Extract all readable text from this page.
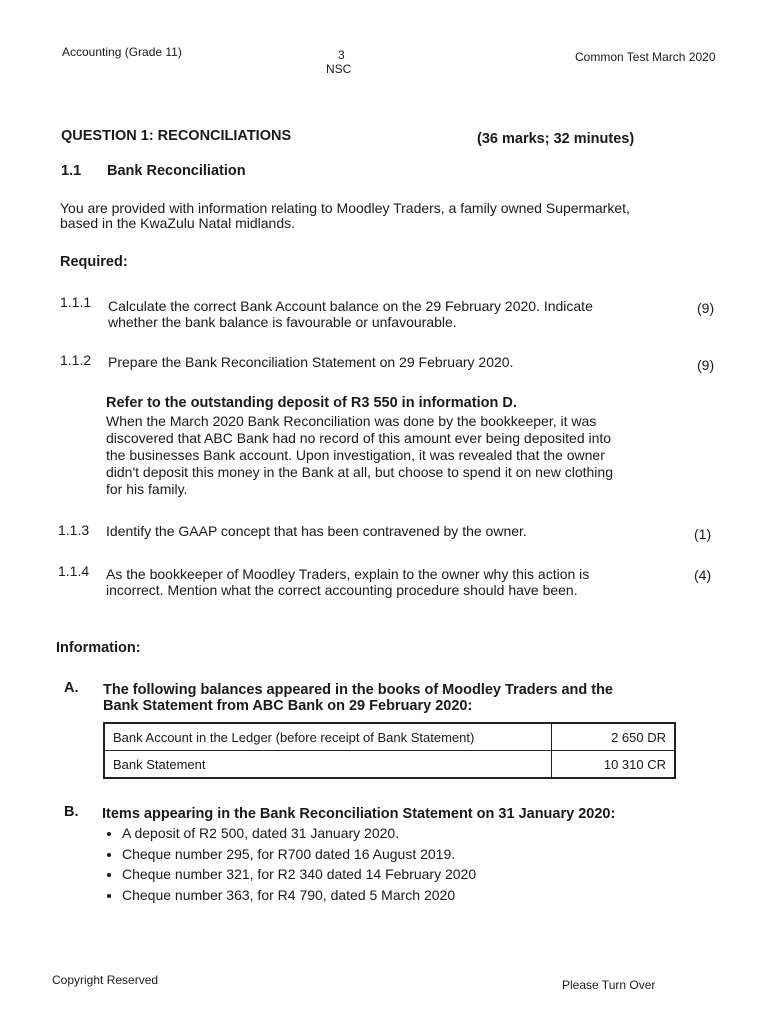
Accounting (Grade 11)	3
NSC
Common Test March 2020
QUESTION 1: RECONCILIATIONS	(36 marks; 32 minutes)
1.1 Bank Reconciliation
You are provided with information relating to Moodley Traders, a family owned Supermarket,
based in the KwaZulu Natal midlands.
Required:
1.1.1 Calculate the correct Bank Account balance on the 29 February 2020. Indicate
whether the bank balance is favourable or unfavourable.
(9)
1.1.2 Prepare the Bank Reconciliation Statement on 29 February 2020.	(9)
Refer to the outstanding deposit of R3 550 in information D.
When the March 2020 Bank Reconciliation was done by the bookkeeper, it was
discovered that ABC Bank had no record of this amount ever being deposited into
the businesses Bank account. Upon investigation, it was revealed that the owner
didn't deposit this money in the Bank at all, but choose to spend it on new clothing
for his family.
1.1.3 Identify the GAAP concept that has been contravened by the owner.	(1)
1.1.4 As the bookkeeper of Moodley Traders, explain to the owner why this action is
incorrect. Mention what the correct accounting procedure should have been.
(4)
Information:
A. The following balances appeared in the books of Moodley Traders and the
Bank Statement from ABC Bank on 29 February 2020:
Bank Account in the Ledger (before receipt of Bank Statement)	2 650 DR
Bank Statement	10 310 CR
B. Items appearing in the Bank Reconciliation Statement on 31 January 2020:
• A deposit of R2 500, dated 31 January 2020.
• Cheque number 295, for R700 dated 16 August 2019.
• Cheque number 321, for R2 340 dated 14 February 2020
• Cheque number 363, for R4 790, dated 5 March 2020
Copyright Reserved	Please Turn Over
